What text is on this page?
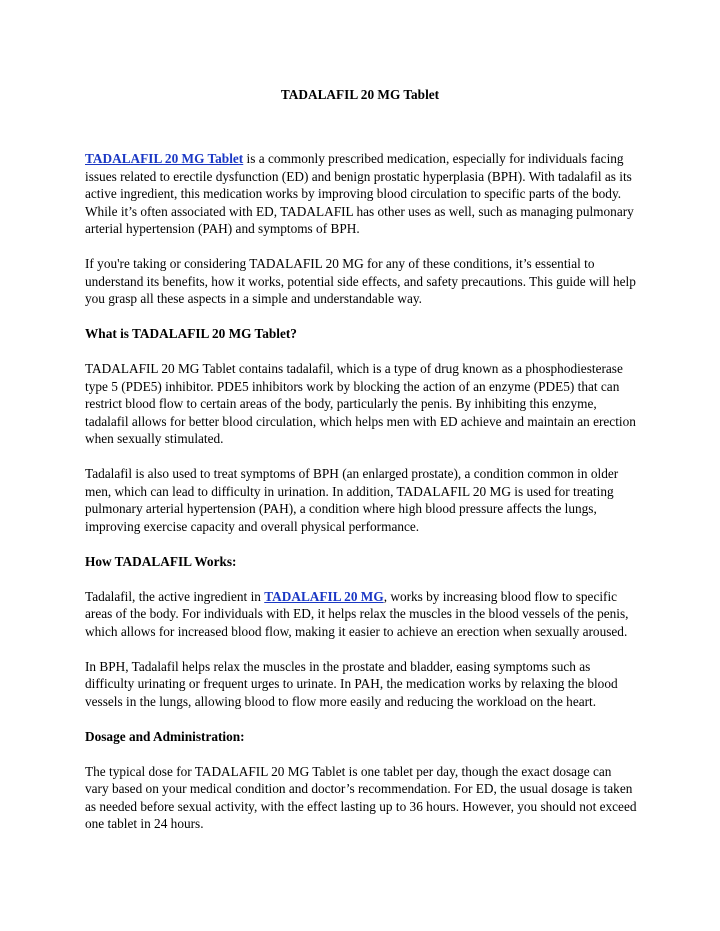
TADALAFIL 20 MG Tablet

TADALAFIL 20 MG Tablet is a commonly prescribed medication, especially for individuals facing issues related to erectile dysfunction (ED) and benign prostatic hyperplasia (BPH). With tadalafil as its active ingredient, this medication works by improving blood circulation to specific parts of the body. While it’s often associated with ED, TADALAFIL has other uses as well, such as managing pulmonary arterial hypertension (PAH) and symptoms of BPH.

If you're taking or considering TADALAFIL 20 MG for any of these conditions, it’s essential to understand its benefits, how it works, potential side effects, and safety precautions. This guide will help you grasp all these aspects in a simple and understandable way.

What is TADALAFIL 20 MG Tablet?

TADALAFIL 20 MG Tablet contains tadalafil, which is a type of drug known as a phosphodiesterase type 5 (PDE5) inhibitor. PDE5 inhibitors work by blocking the action of an enzyme (PDE5) that can restrict blood flow to certain areas of the body, particularly the penis. By inhibiting this enzyme, tadalafil allows for better blood circulation, which helps men with ED achieve and maintain an erection when sexually stimulated.

Tadalafil is also used to treat symptoms of BPH (an enlarged prostate), a condition common in older men, which can lead to difficulty in urination. In addition, TADALAFIL 20 MG is used for treating pulmonary arterial hypertension (PAH), a condition where high blood pressure affects the lungs, improving exercise capacity and overall physical performance.

How TADALAFIL Works:

Tadalafil, the active ingredient in TADALAFIL 20 MG, works by increasing blood flow to specific areas of the body. For individuals with ED, it helps relax the muscles in the blood vessels of the penis, which allows for increased blood flow, making it easier to achieve an erection when sexually aroused.

In BPH, Tadalafil helps relax the muscles in the prostate and bladder, easing symptoms such as difficulty urinating or frequent urges to urinate. In PAH, the medication works by relaxing the blood vessels in the lungs, allowing blood to flow more easily and reducing the workload on the heart.

Dosage and Administration:

The typical dose for TADALAFIL 20 MG Tablet is one tablet per day, though the exact dosage can vary based on your medical condition and doctor’s recommendation. For ED, the usual dosage is taken as needed before sexual activity, with the effect lasting up to 36 hours. However, you should not exceed one tablet in 24 hours.
